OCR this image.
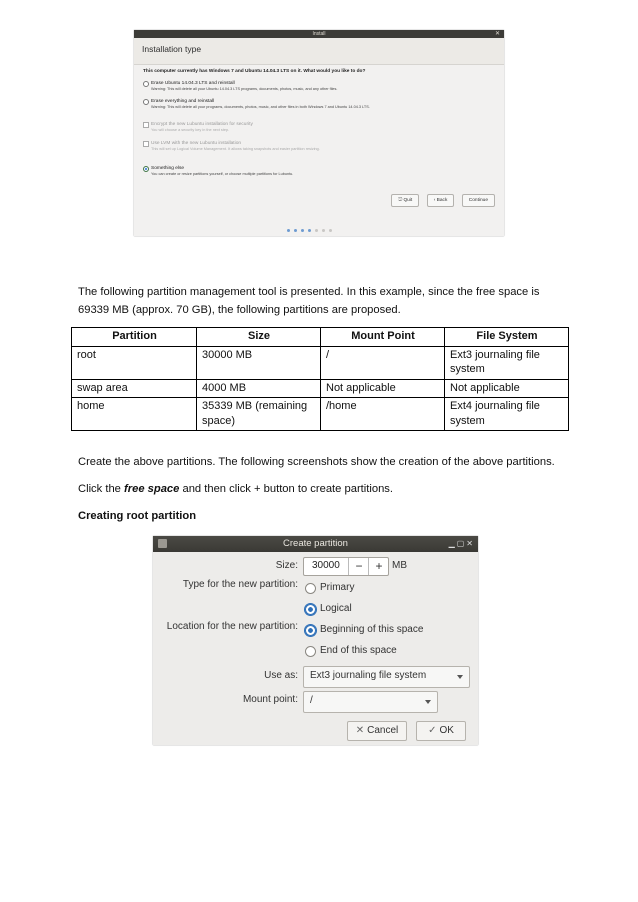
Install	✕
Installation type
This computer currently has Windows 7 and Ubuntu 14.04.3 LTS on it. What would you like to do?
Erase Ubuntu 14.04.3 LTS and reinstall
Warning: This will delete all your Ubuntu 14.04.3 LTS programs, documents, photos, music, and any other files.
Erase everything and reinstall
Warning: This will delete all your programs, documents, photos, music, and other files in both Windows 7 and Ubuntu 14.04.3 LTS.
Encrypt the new Lubuntu installation for security
You will choose a security key in the next step.
Use LVM with the new Lubuntu installation
This will set up Logical Volume Management. It allows taking snapshots and easier partition resizing.
Something else
You can create or resize partitions yourself, or choose multiple partitions for Lubuntu.
⎋ Quit	‹ Back	Continue
The following partition management tool is presented. In this example, since the free space is 69339 MB (approx. 70 GB), the following partitions are proposed.
Partition	Size	Mount Point	File System
root	30000 MB	/	Ext3 journaling file system
swap area	4000 MB	Not applicable	Not applicable
home	35339 MB (remaining space)	/home	Ext4 journaling file system
Create the above partitions. The following screenshots show the creation of the above partitions.
Click the free space and then click + button to create partitions.
Creating root partition
Create partition	▁▢✕
Size: 30000	−	+ MB
Type for the new partition: Primary
Logical
Location for the new partition: Beginning of this space
End of this space
Use as: Ext3 journaling file system
Mount point: /
✕ Cancel	✓ OK
